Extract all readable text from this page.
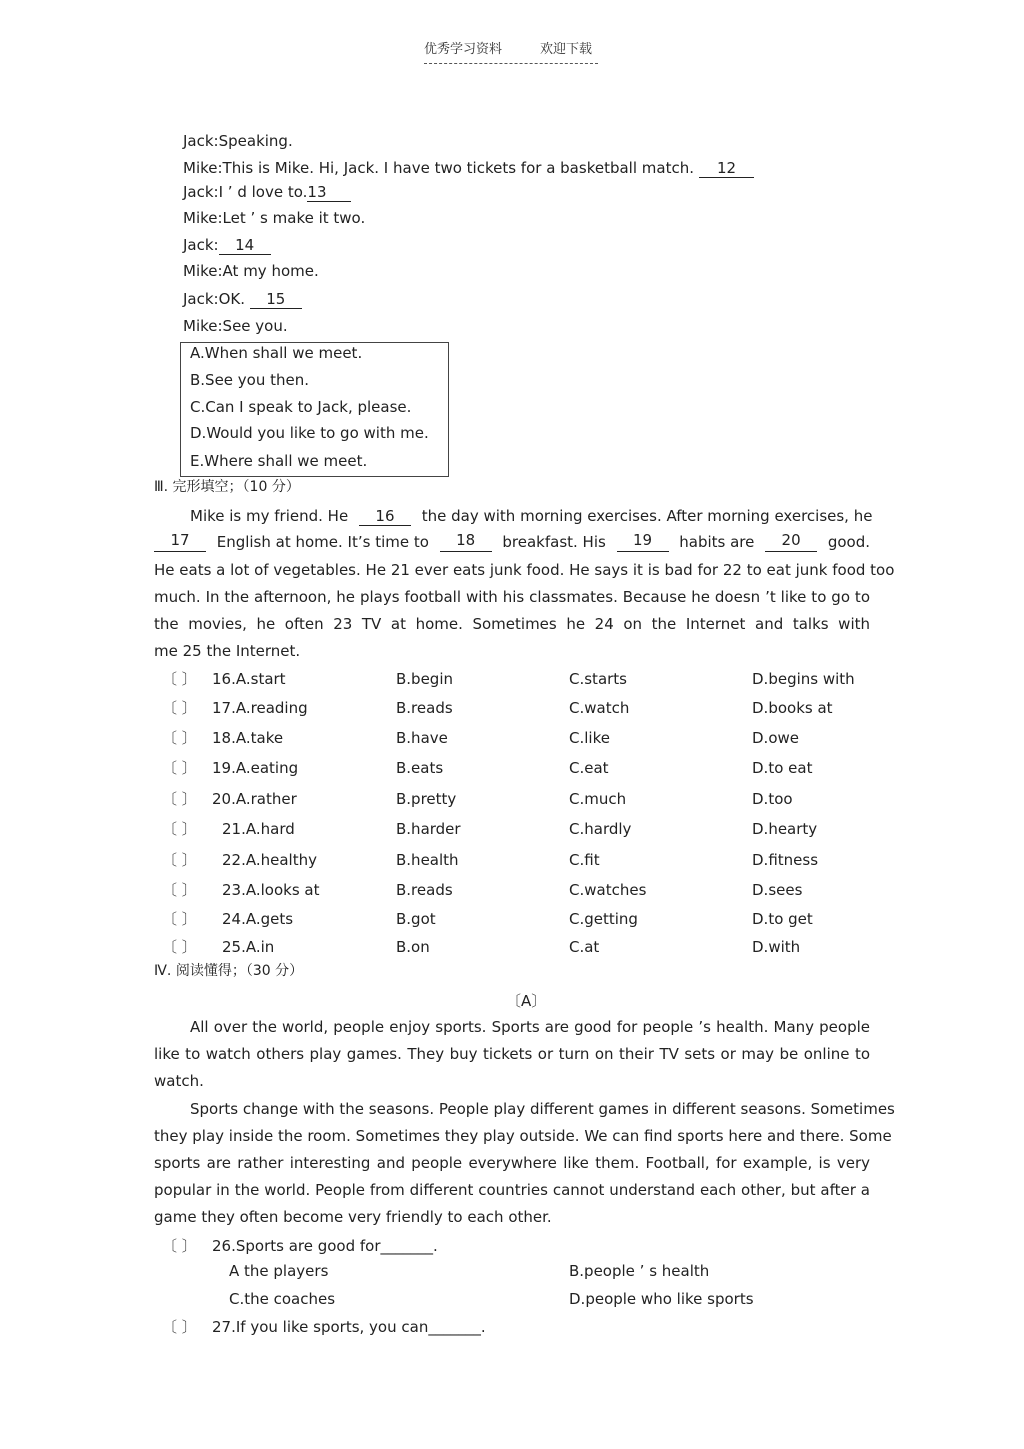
优秀学习资料	欢迎下载
Jack:Speaking.
Mike:This is Mike. Hi, Jack. I have two tickets for a basketball match.	12
Jack:I ’ d love to.13
Mike:Let ’ s make it two.
Jack: 14
Mike:At my home.
Jack:OK. 15
Mike:See you.
A.When shall we meet.
B.See you then.
C.Can I speak to Jack, please.
D.Would you like to go with me.
E.Where shall we meet.
Ⅲ. 完形填空；（10 分）
Mike is my friend. He 16 the day with morning exercises. After morning exercises, he
17	English at home. It’s time to	18	breakfast. His	19	habits are	20	good.
He eats a lot of vegetables. He 21 ever eats junk food. He says it is bad for 22 to eat junk food too
much. In the afternoon, he plays football with his classmates. Because he doesn ’t like to go to
the movies, he often 23 TV at home. Sometimes he 24 on the Internet and talks with
me 25 the Internet.
〔 〕 16.A.start	B.begin	C.starts	D.begins with
〔 〕 17.A.reading	B.reads	C.watch	D.books at
〔 〕 18.A.take	B.have	C.like	D.owe
〔 〕 19.A.eating	B.eats	C.eat	D.to eat
〔 〕 20.A.rather	B.pretty	C.much	D.too
〔 〕 21.A.hard	B.harder	C.hardly	D.hearty
〔 〕 22.A.healthy	B.health	C.fit	D.fitness
〔 〕 23.A.looks at	B.reads	C.watches	D.sees
〔 〕 24.A.gets	B.got	C.getting	D.to get
〔 〕 25.A.in	B.on	C.at	D.with
Ⅳ. 阅读懂得；（30 分）
〔A〕
All over the world, people enjoy sports. Sports are good for people ’s health. Many people
like to watch others play games. They buy tickets or turn on their TV sets or may be online to
watch.
Sports change with the seasons. People play different games in different seasons. Sometimes
they play inside the room. Sometimes they play outside. We can find sports here and there. Some
sports are rather interesting and people everywhere like them. Football, for example, is very
popular in the world. People from different countries cannot understand each other, but after a
game they often become very friendly to each other.
〔 〕 26.Sports are good for_______.
A the players	B.people ’ s health
C.the coaches	D.people who like sports
〔 〕 27.If you like sports, you can_______.
